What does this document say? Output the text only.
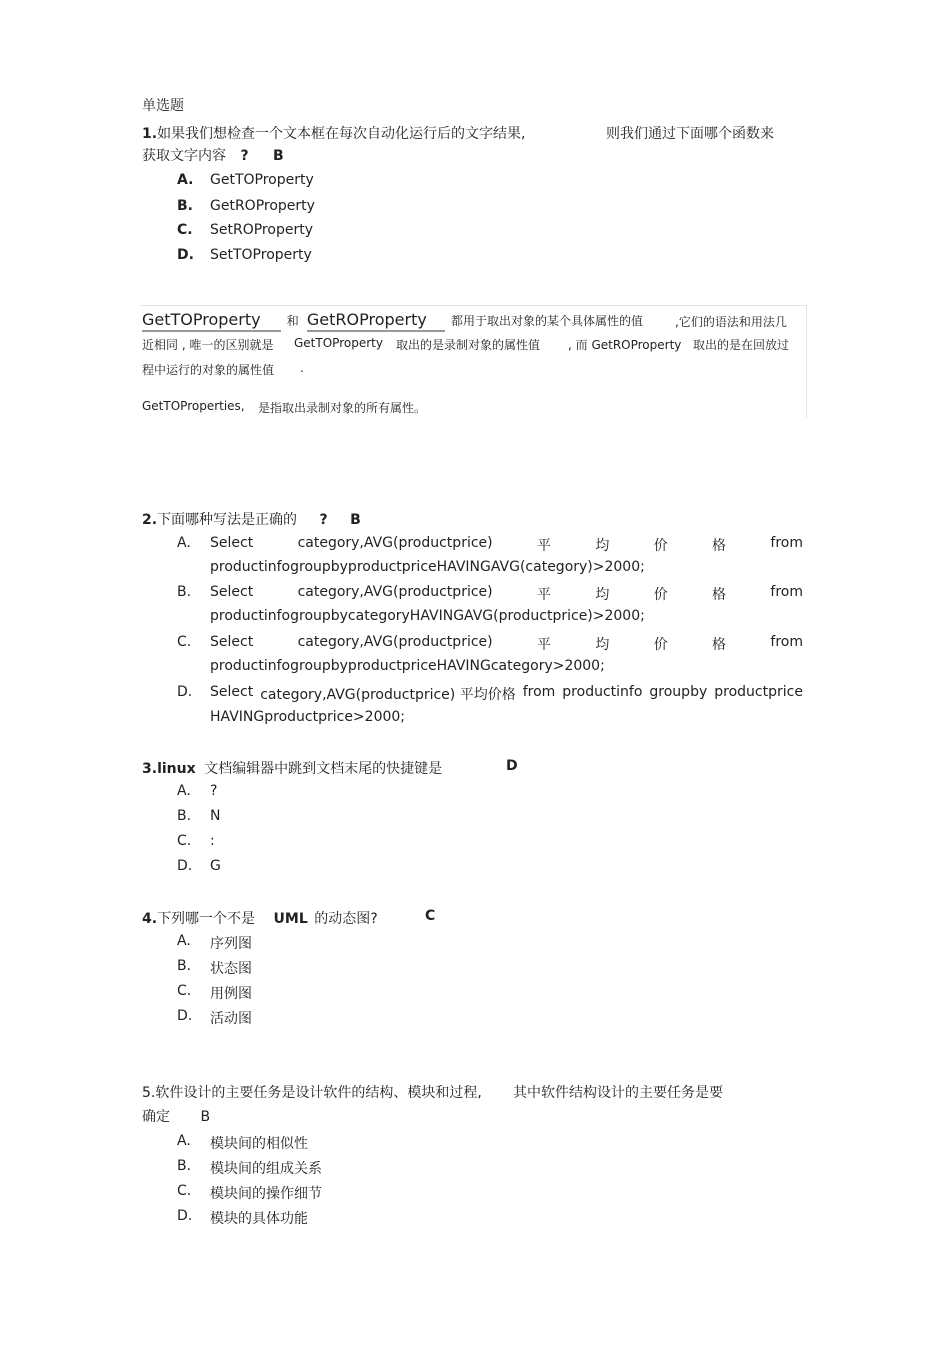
单选题
1.如果我们想检查一个文本框在每次自动化运行后的文字结果,	则我们通过下面哪个函数来
获取文字内容 ? B
A. GetTOProperty
B. GetROProperty
C. SetROProperty
D. SetTOProperty
GetTOProperty 和 GetROProperty 都用于取出对象的某个具体属性的值	,它们的语法和用法几
近相同 , 唯一的区别就是 GetTOProperty 取出的是录制对象的属性值 , 而 GetROProperty 取出的是在回放过
程中运行的对象的属性值 .
GetTOProperties, 是指取出录制对象的所有属性。
2.下面哪种写法是正确的 ? B
A. Select	category,AVG(productprice)	平	均	价	格	from
productinfogroupbyproductpriceHAVINGAVG(category)>2000;
B. Select	category,AVG(productprice)	平	均	价	格	from
productinfogroupbycategoryHAVINGAVG(productprice)>2000;
C. Select	category,AVG(productprice)	平	均	价	格	from
productinfogroupbyproductpriceHAVINGcategory>2000;
D. Select category,AVG(productprice) 平均价格 from productinfo groupby productprice
HAVINGproductprice>2000;
3.linux 文档编辑器中跳到文档末尾的快捷键是	D
A. ?
B. N
C. :
D. G
4.下列哪一个不是 UML 的动态图?	C
A. 序列图
B. 状态图
C. 用例图
D. 活动图
5.软件设计的主要任务是设计软件的结构、模块和过程, 其中软件结构设计的主要任务是要
确定 B
A. 模块间的相似性
B. 模块间的组成关系
C. 模块间的操作细节
D. 模块的具体功能
